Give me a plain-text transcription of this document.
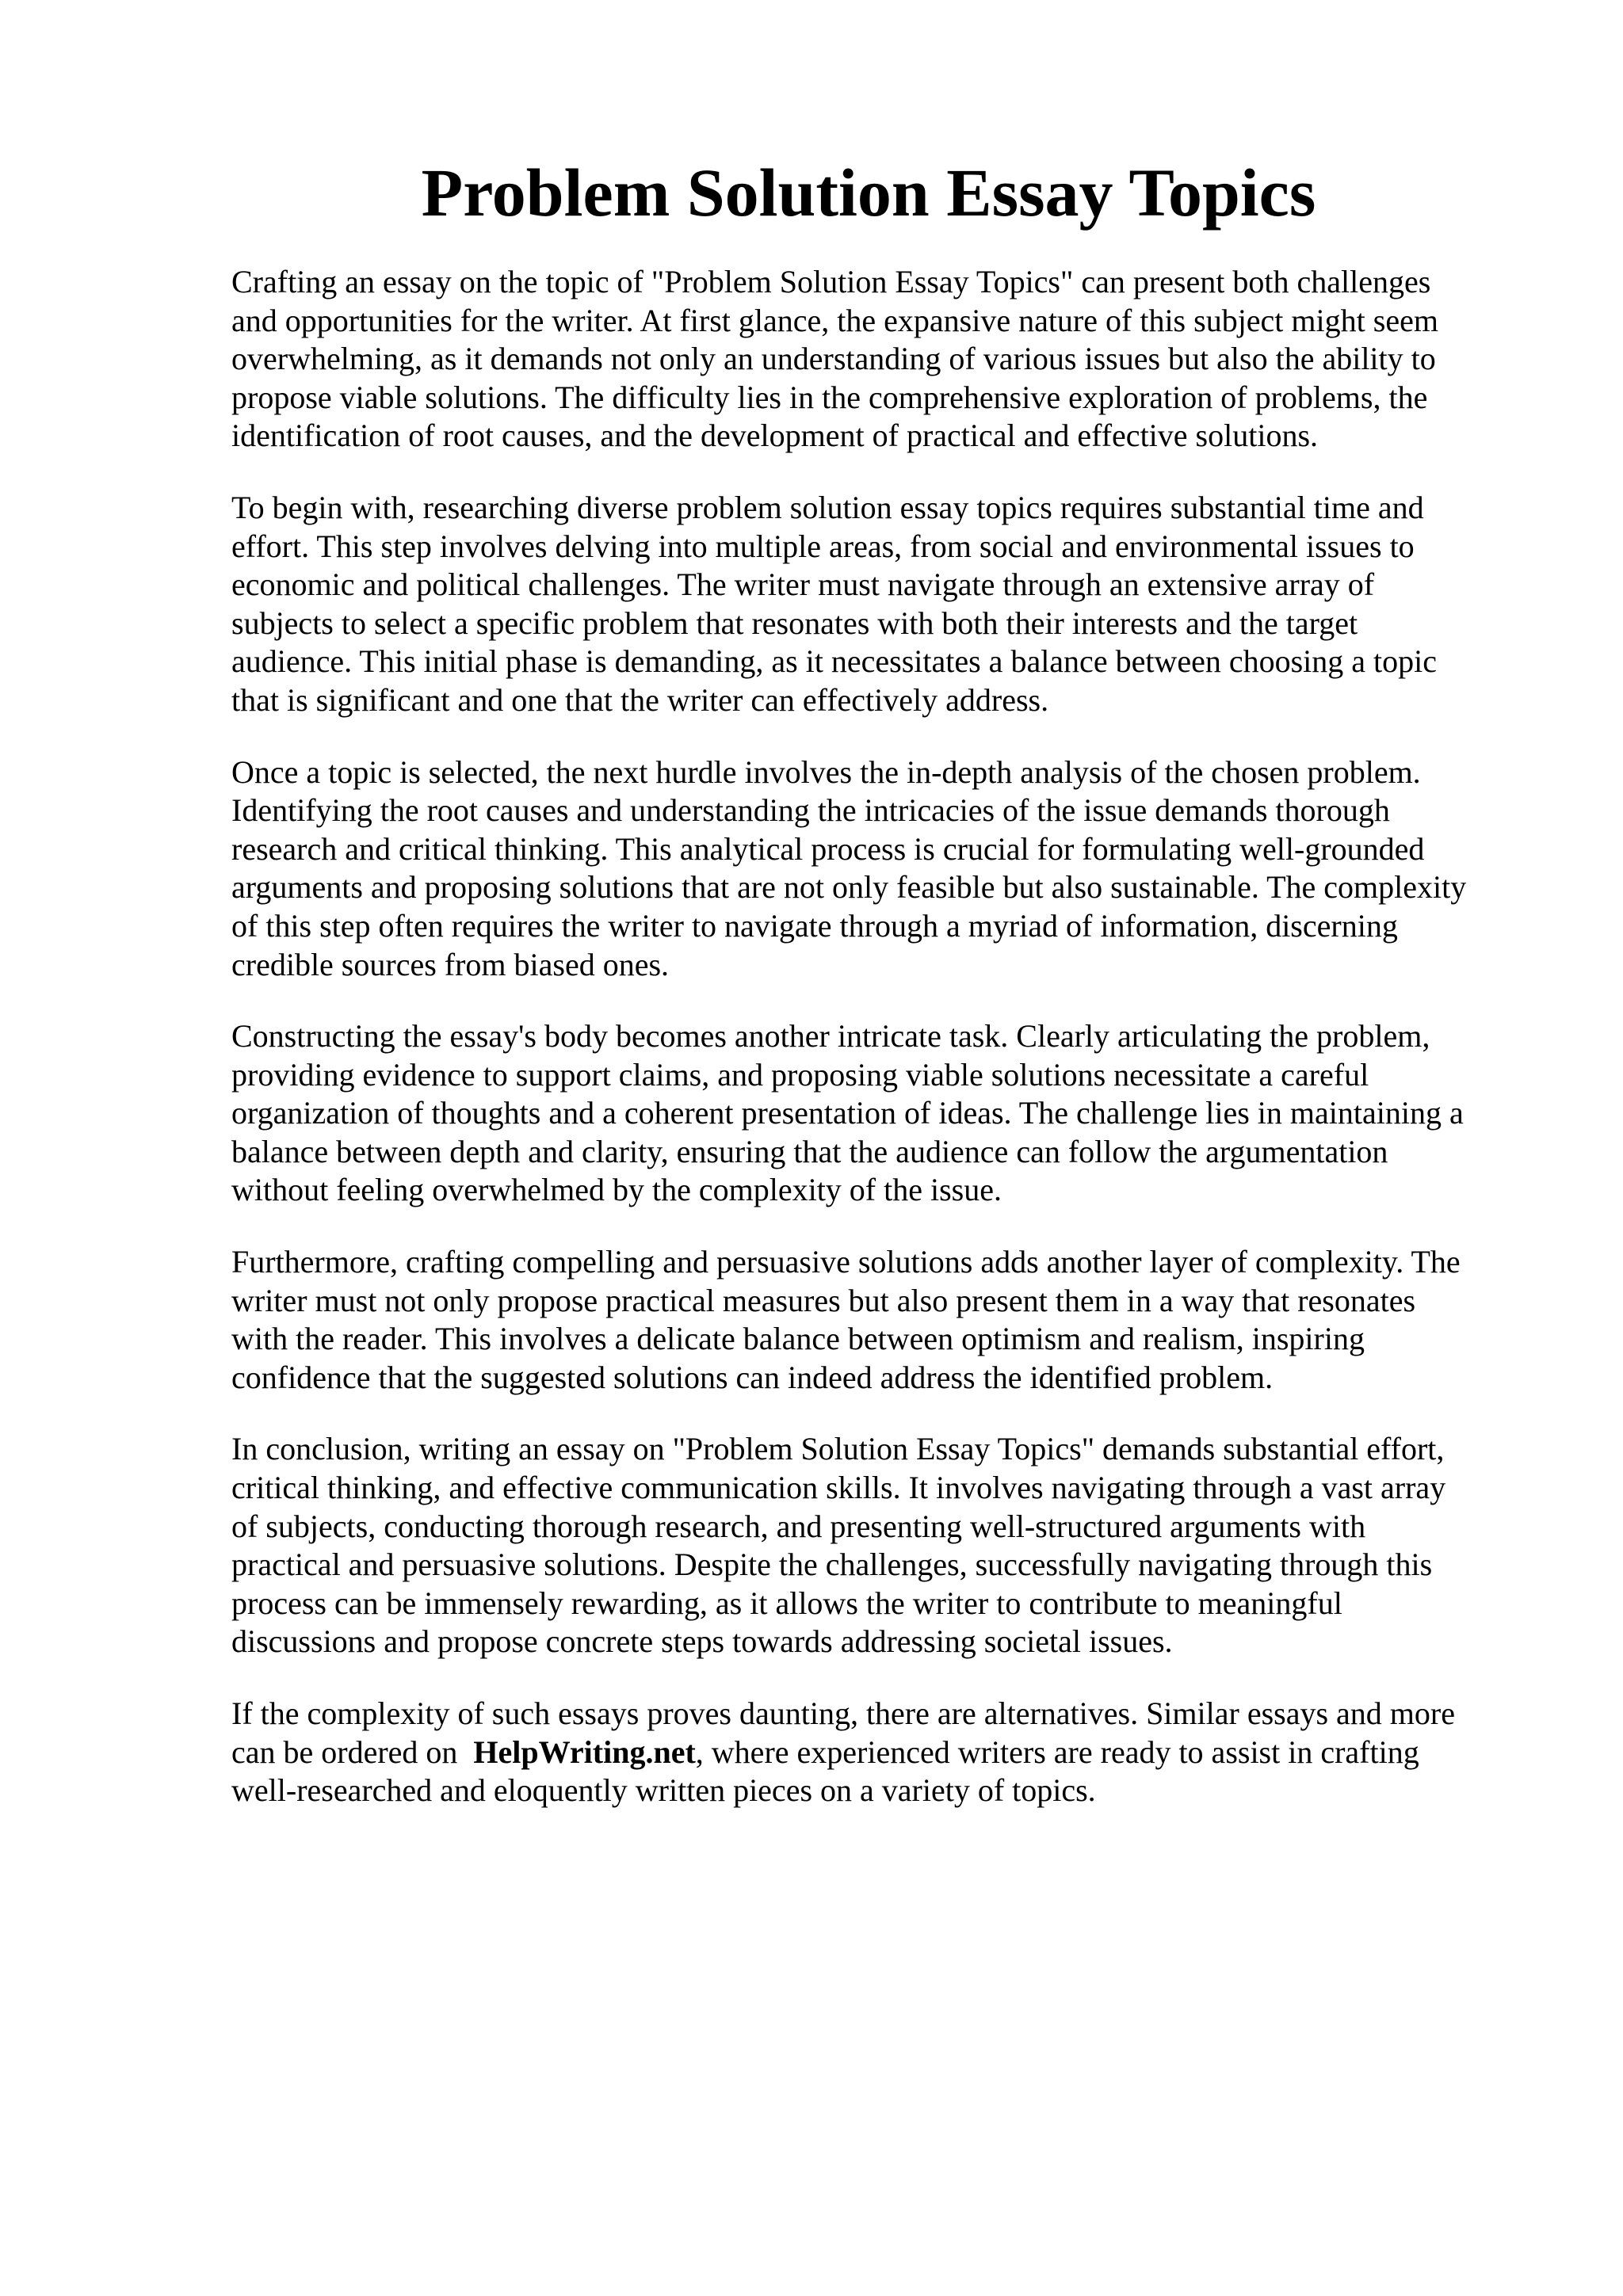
Problem Solution Essay Topics

Crafting an essay on the topic of "Problem Solution Essay Topics" can present both challenges
and opportunities for the writer. At first glance, the expansive nature of this subject might seem
overwhelming, as it demands not only an understanding of various issues but also the ability to
propose viable solutions. The difficulty lies in the comprehensive exploration of problems, the
identification of root causes, and the development of practical and effective solutions.

To begin with, researching diverse problem solution essay topics requires substantial time and
effort. This step involves delving into multiple areas, from social and environmental issues to
economic and political challenges. The writer must navigate through an extensive array of
subjects to select a specific problem that resonates with both their interests and the target
audience. This initial phase is demanding, as it necessitates a balance between choosing a topic
that is significant and one that the writer can effectively address.

Once a topic is selected, the next hurdle involves the in-depth analysis of the chosen problem.
Identifying the root causes and understanding the intricacies of the issue demands thorough
research and critical thinking. This analytical process is crucial for formulating well-grounded
arguments and proposing solutions that are not only feasible but also sustainable. The complexity
of this step often requires the writer to navigate through a myriad of information, discerning
credible sources from biased ones.

Constructing the essay's body becomes another intricate task. Clearly articulating the problem,
providing evidence to support claims, and proposing viable solutions necessitate a careful
organization of thoughts and a coherent presentation of ideas. The challenge lies in maintaining a
balance between depth and clarity, ensuring that the audience can follow the argumentation
without feeling overwhelmed by the complexity of the issue.

Furthermore, crafting compelling and persuasive solutions adds another layer of complexity. The
writer must not only propose practical measures but also present them in a way that resonates
with the reader. This involves a delicate balance between optimism and realism, inspiring
confidence that the suggested solutions can indeed address the identified problem.

In conclusion, writing an essay on "Problem Solution Essay Topics" demands substantial effort,
critical thinking, and effective communication skills. It involves navigating through a vast array
of subjects, conducting thorough research, and presenting well-structured arguments with
practical and persuasive solutions. Despite the challenges, successfully navigating through this
process can be immensely rewarding, as it allows the writer to contribute to meaningful
discussions and propose concrete steps towards addressing societal issues.

If the complexity of such essays proves daunting, there are alternatives. Similar essays and more
can be ordered on HelpWriting.net, where experienced writers are ready to assist in crafting
well-researched and eloquently written pieces on a variety of topics.
